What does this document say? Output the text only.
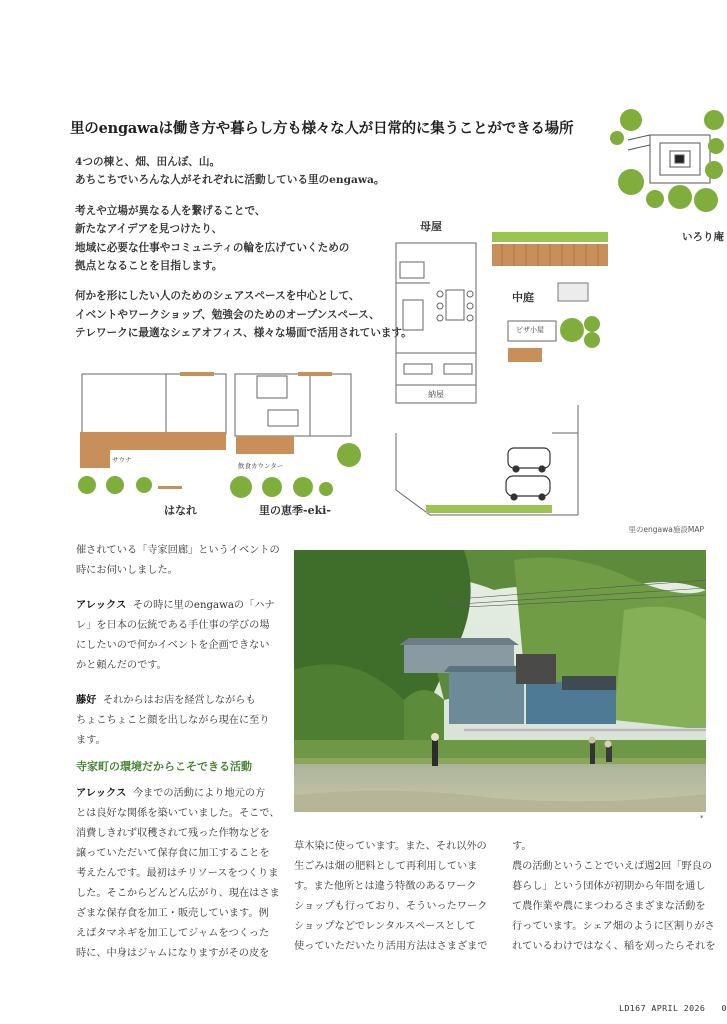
里のengawaは働き方や暮らし方も様々な人が日常的に集うことができる場所

4つの棟と、畑、田んぼ、山。
あちこちでいろんな人がそれぞれに活動している里のengawa。

考えや立場が異なる人を繋げることで、
新たなアイデアを見つけたり、
地域に必要な仕事やコミュニティの輪を広げていくための
拠点となることを目指します。

何かを形にしたい人のためのシェアスペースを中心として、
イベントやワークショップ、勉強会のためのオープンスペース、
テレワークに最適なシェアオフィス、様々な場面で活用されています。

母屋
中庭
ピザ小屋
納屋
いろり庵
サウナ
はなれ
飲食カウンター
里の恵季-eki-
里のengawa施設MAP

催されている「寺家回廊」というイベントの
時にお伺いしました。

アレックス その時に里のengawaの「ハナ
レ」を日本の伝統である手仕事の学びの場
にしたいので何かイベントを企画できない
かと頼んだのです。

藤好 それからはお店を経営しながらも
ちょこちょこと顔を出しながら現在に至り
ます。

寺家町の環境だからこそできる活動

アレックス 今までの活動により地元の方
とは良好な関係を築いていました。そこで、
消費しきれず収穫されて残った作物などを
譲っていただいて保存食に加工することを
考えたんです。最初はチリソースをつくりま
した。そこからどんどん広がり、現在はさま
ざまな保存食を加工・販売しています。例
えばタマネギを加工してジャムをつくった
時に、中身はジャムになりますがその皮を

*

草木染に使っています。また、それ以外の
生ごみは畑の肥料として再利用していま
す。また他所とは違う特徴のあるワーク
ショップも行っており、そういったワーク
ショップなどでレンタルスペースとして
使っていただいたり活用方法はさまざまで

す。
農の活動ということでいえば週2回「野良の
暮らし」という団体が初期から年間を通し
て農作業や農にまつわるさまざまな活動を
行っています。シェア畑のように区割りがさ
れているわけではなく、稲を刈ったらそれを

LD167 APRIL 2026 0
